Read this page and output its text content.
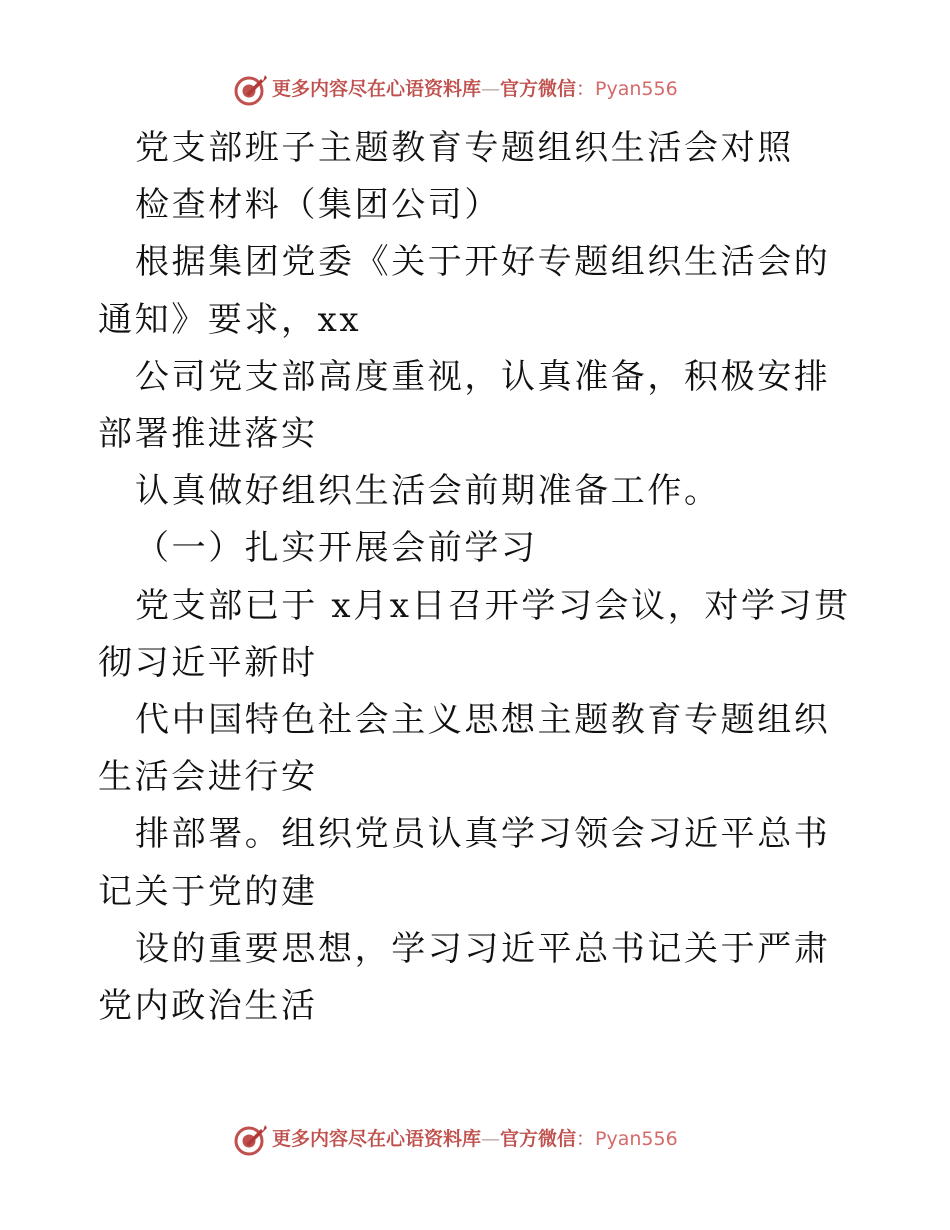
更多内容尽在心语资料库—官方微信：Pyan556

党支部班子主题教育专题组织生活会对照

检查材料（集团公司）

根据集团党委《关于开好专题组织生活会的通知》要求，xx

公司党支部高度重视，认真准备，积极安排部署推进落实

认真做好组织生活会前期准备工作。

（一）扎实开展会前学习

党支部已于 x月x日召开学习会议，对学习贯彻习近平新时

代中国特色社会主义思想主题教育专题组织生活会进行安

排部署。组织党员认真学习领会习近平总书记关于党的建

设的重要思想，学习习近平总书记关于严肃党内政治生活

更多内容尽在心语资料库—官方微信：Pyan556
